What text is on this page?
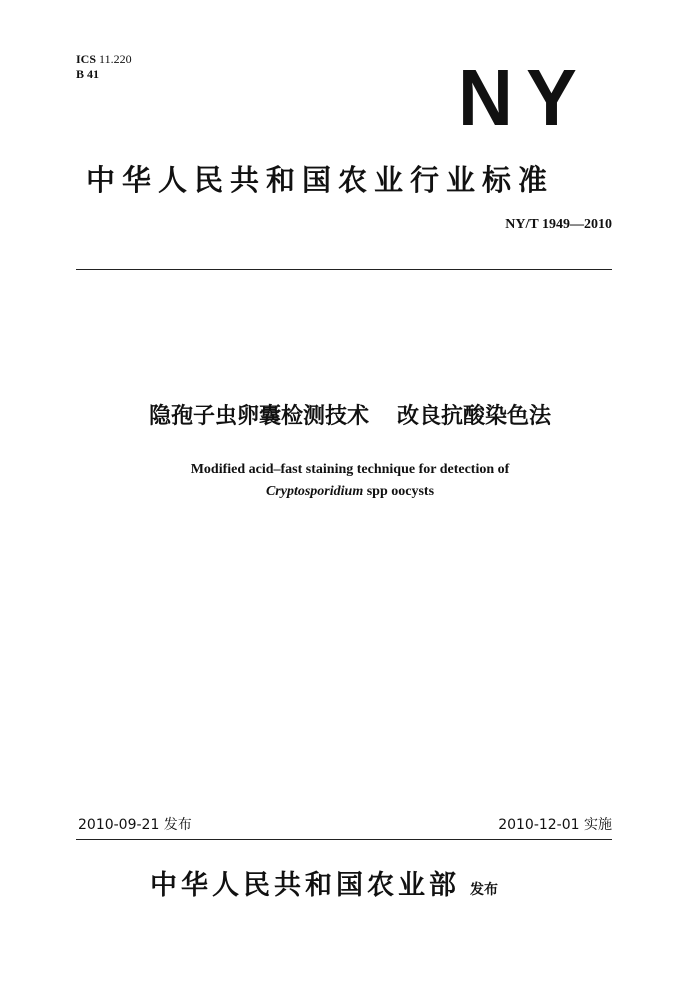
ICS 11.220
B 41	NY
中华人民共和国农业行业标准
NY/T 1949—2010
隐孢子虫卵囊检测技术 改良抗酸染色法
Modified acid–fast staining technique for detection of
Cryptosporidium spp oocysts
2010-09-21 发布	2010-12-01 实施
中华人民共和国农业部 发布
